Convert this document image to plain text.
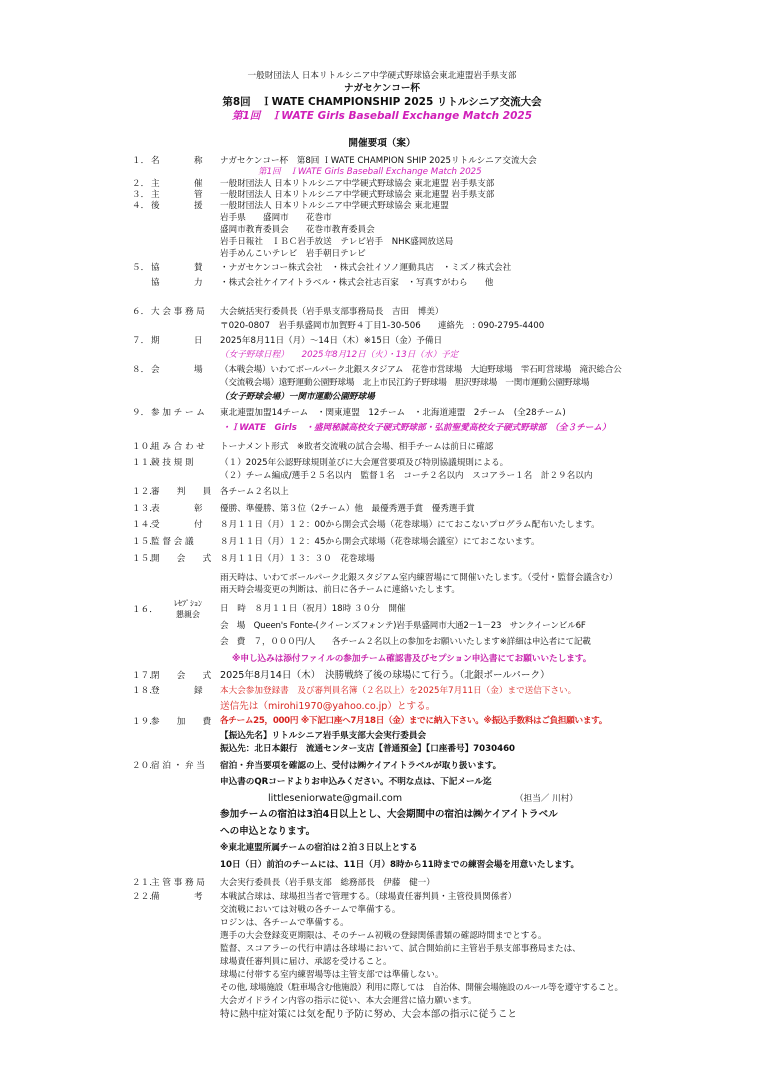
一般財団法人 日本リトルシニア中学硬式野球協会東北連盟岩手県支部
ナガセケンコー杯
第8回　ＩWATE CHAMPIONSHIP 2025 リトルシニア交流大会
第1回　ＩWATE Girls Baseball Exchange Match 2025
開催要項（案）
１． 名　　　　称 ナガセケンコー杯　第8回 ＩWATE CHAMPION SHIP 2025リトルシニア交流大会
第1回　ＩWATE Girls Baseball Exchange Match 2025
２． 主　　　　催 一般財団法人 日本リトルシニア中学硬式野球協会 東北連盟 岩手県支部
３． 主　　　　管 一般財団法人 日本リトルシニア中学硬式野球協会 東北連盟 岩手県支部
４． 後　　　　援 一般財団法人 日本リトルシニア中学硬式野球協会 東北連盟
岩手県　　盛岡市　　花巻市
盛岡市教育委員会　　花巻市教育委員会
岩手日報社　ＩＢＣ岩手放送　テレビ岩手　NHK盛岡放送局
岩手めんこいテレビ　岩手朝日テレビ
５． 協　　　　賛 ・ナガセケンコー株式会社　・株式会社イソノ運動具店　・ミズノ株式会社
協　　　　力 ・株式会社ケイアイトラベル・株式会社志百家　・写真すがわら　　他
６． 大 会 事 務 局 大会統括実行委員長（岩手県支部事務局長　吉田　博美）
〒020-0807　岩手県盛岡市加賀野４丁目1-30-506　　連絡先　: 090-2795-4400
７． 期　　　　日 2025年8月11日（月）～14日（木）※15日（金）予備日
（女子野球日程）　　2025年8月12日（火）・13日（水）予定
８． 会　　　　場 （本戦会場）いわてボールパーク北銀スタジアム　花巻市営球場　大迫野球場　雫石町営球場　滝沢総合公
（交流戦会場）遠野運動公園野球場　北上市民江釣子野球場　胆沢野球場　一関市運動公園野球場
（女子野球会場）一関市運動公園野球場
９． 参 加 チ ー ム 東北連盟加盟14チーム　・関東連盟　12チーム　・北海道連盟　2チーム　(全28チーム)
・ＩWATE　Girls　・盛岡秘誠高校女子硬式野球部・弘前聖愛高校女子硬式野球部　（全３チーム）
１０．
組 み 合 わ せ トーナメント形式　※敗者交流戦の試合会場、相手チームは前日に確認
１１．
競 技 規 則	（１）2025年公認野球規則並びに大会運営要項及び特別協議規則による。
（２）チーム編成/選手２５名以内　監督１名　コーチ２名以内　スコアラー１名　計２９名以内
１２．
審　　判　　員 各チーム２名以上
１３．
表　　　　彰 優勝、準優勝、第３位（2チーム）他　最優秀選手賞　優秀選手賞
１４．
受　　　　付 ８月１１日（月）１２：00から開会式会場（花巻球場）にておこないプログラム配布いたします。
１５．
監 督 会 議	８月１１日（月）１２：45から開会式球場（花巻球場会議室）にておこないます。
１５．
開　　会　　式 ８月１１日（月）１３：３０　花巻球場
雨天時は、いわてボールパーク北銀スタジアム室内練習場にて開催いたします。（受付・監督会議含む）
雨天時会場変更の判断は、前日に各チームに連絡いたします。
１６．
ﾚｾﾌﾟｼｮﾝ
懇親会
日　時　８月１１日（祝月）18時 ３０分　開催
会　場　Queen's Fonte-(クイーンズフォンテ)岩手県盛岡市大通2－1－23　サンクイーンビル6F
会　費　７，０００円/人　　各チーム２名以上の参加をお願いいたします※詳細は申込者にて記載
※申し込みは添付ファイルの参加チーム確認書及びセプション申込書にてお願いいたします。
１７．
閉　　会　　式 2025年8月14日（木）　決勝戦終了後の球場にて行う。（北銀ボールパーク）
１８．
登　　　　録 本大会参加登録書　及び審判員名簿（２名以上）を2025年7月11日（金）まで送信下さい。
送信先は（mirohi1970@yahoo.co.jp）とする。
１９．
参　　加　　費 各チーム25，000円 ※下記口座へ7月18日（金）までに納入下さい。※振込手数料はご負担願います。
【振込先名】リトルシニア岩手県支部大会実行委員会
振込先：北日本銀行　流通センター支店【普通預金】【口座番号】7030460
２０．
宿 泊 ・ 弁 当 宿泊・弁当要項を確認の上、受付は㈱ケイアイトラベルが取り扱います。
申込書のQRコードよりお申込みください。不明な点は、下記メール迄
littleseniorwate@gmail.com	（担当／ 川村）
参加チームの宿泊は3泊4日以上とし、大会期間中の宿泊は㈱ケイアイトラベル
への申込となります。
※東北連盟所属チームの宿泊は２泊３日以上とする
10日（日）前泊のチームには、11日（月）8時から11時までの練習会場を用意いたします。
２１．
主 管 事 務 局 大会実行委員長（岩手県支部　総務部長　伊藤　健一）
２２．
備　　　　考 本戦試合球は、球場担当者で管理する。（球場責任審判員・主管役員関係者）
交流戦においては対戦の各チームで準備する。
ロジンは、各チームで準備する。
選手の大会登録変更期限は、そのチーム初戦の登録関係書類の確認時間までとする。
監督、スコアラーの代行申請は各球場において、試合開始前に主管岩手県支部事務局または、
球場責任審判員に届け、承認を受けること。
球場に付帯する室内練習場等は主管支部では準備しない。
その他, 球場施設（駐車場含む他施設）利用に際しては　自治体、開催会場施設のルール等を遵守すること。
大会ガイドライン内容の指示に従い、本大会運営に協力願います。
特に熱中症対策には気を配り予防に努め、大会本部の指示に従うこと
